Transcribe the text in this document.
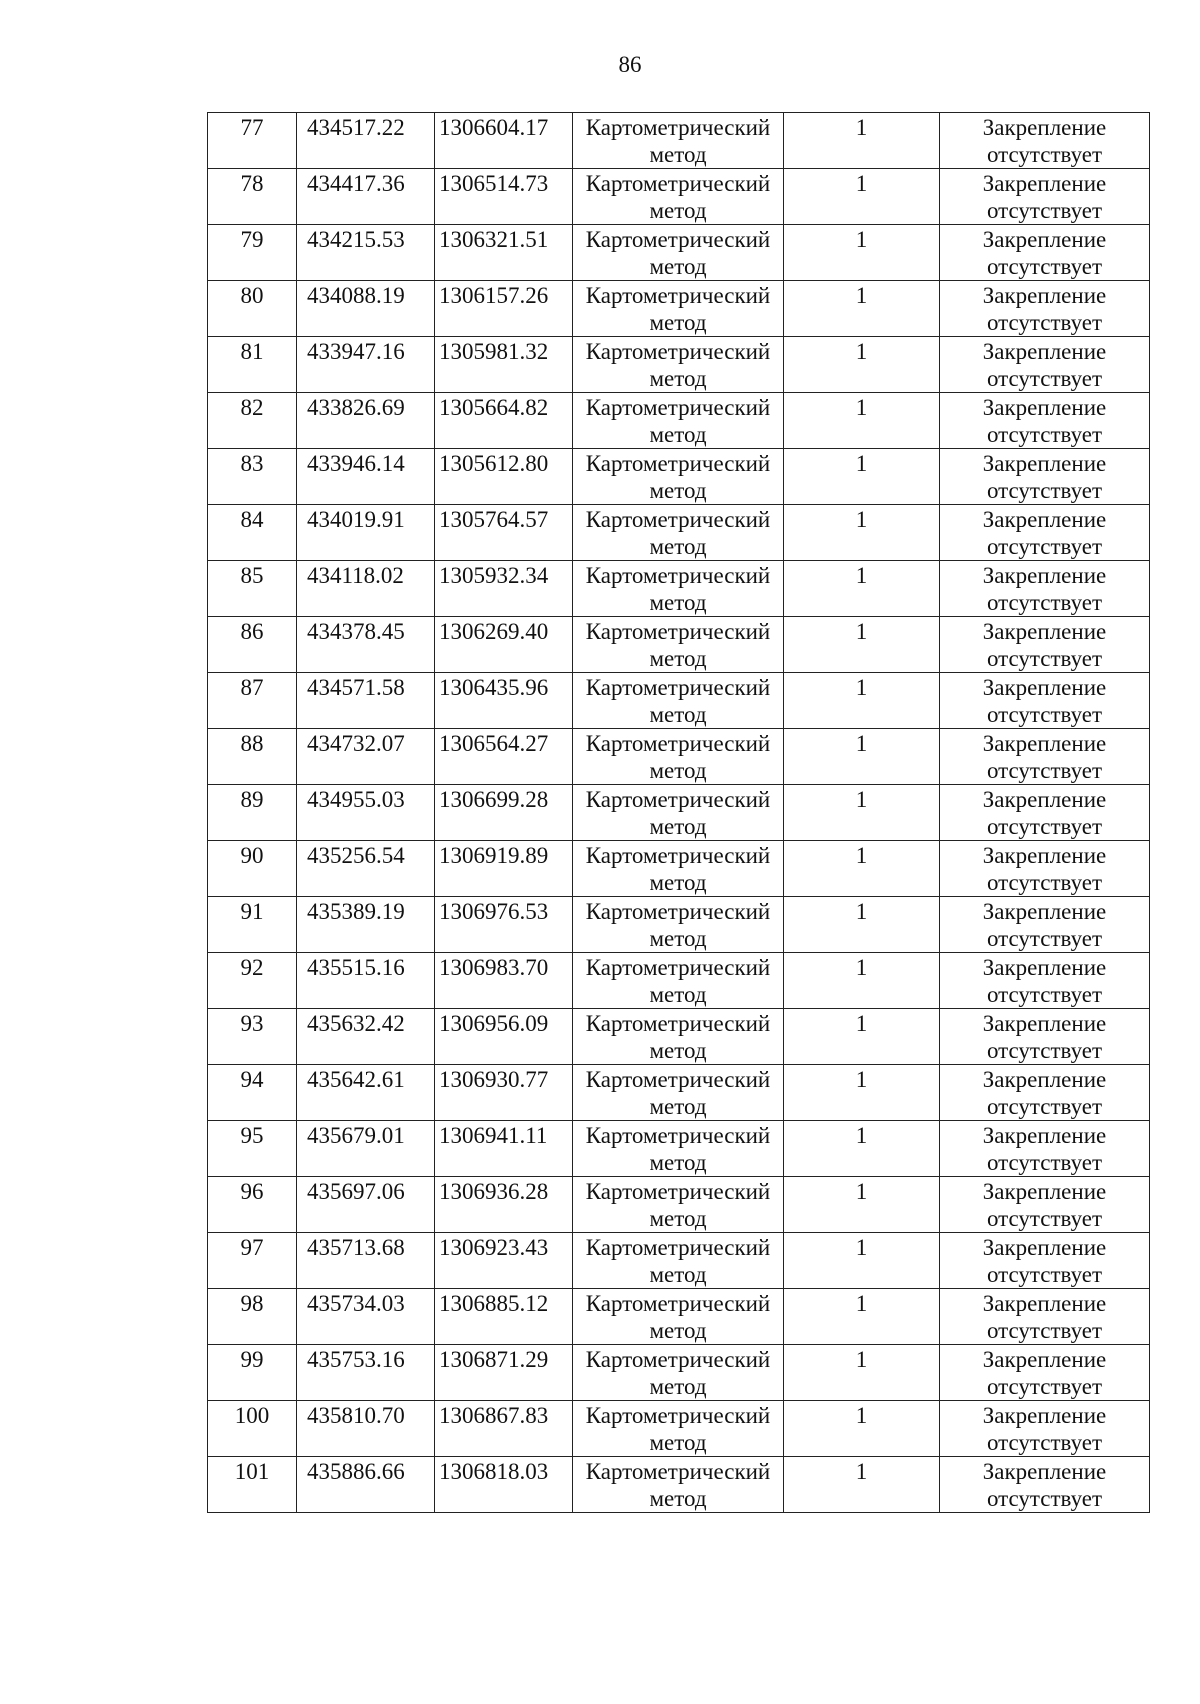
86
77	434517.22	1306604.17	Картометрический метод	1	Закрепление отсутствует

78	434417.36	1306514.73	Картометрический метод	1	Закрепление отсутствует

79	434215.53	1306321.51	Картометрический метод	1	Закрепление отсутствует

80	434088.19	1306157.26	Картометрический метод	1	Закрепление отсутствует

81	433947.16	1305981.32	Картометрический метод	1	Закрепление отсутствует

82	433826.69	1305664.82	Картометрический метод	1	Закрепление отсутствует

83	433946.14	1305612.80	Картометрический метод	1	Закрепление отсутствует

84	434019.91	1305764.57	Картометрический метод	1	Закрепление отсутствует

85	434118.02	1305932.34	Картометрический метод	1	Закрепление отсутствует

86	434378.45	1306269.40	Картометрический метод	1	Закрепление отсутствует

87	434571.58	1306435.96	Картометрический метод	1	Закрепление отсутствует

88	434732.07	1306564.27	Картометрический метод	1	Закрепление отсутствует

89	434955.03	1306699.28	Картометрический метод	1	Закрепление отсутствует

90	435256.54	1306919.89	Картометрический метод	1	Закрепление отсутствует

91	435389.19	1306976.53	Картометрический метод	1	Закрепление отсутствует

92	435515.16	1306983.70	Картометрический метод	1	Закрепление отсутствует

93	435632.42	1306956.09	Картометрический метод	1	Закрепление отсутствует

94	435642.61	1306930.77	Картометрический метод	1	Закрепление отсутствует

95	435679.01	1306941.11	Картометрический метод	1	Закрепление отсутствует

96	435697.06	1306936.28	Картометрический метод	1	Закрепление отсутствует

97	435713.68	1306923.43	Картометрический метод	1	Закрепление отсутствует

98	435734.03	1306885.12	Картометрический метод	1	Закрепление отсутствует

99	435753.16	1306871.29	Картометрический метод	1	Закрепление отсутствует

100	435810.70	1306867.83	Картометрический метод	1	Закрепление отсутствует

101	435886.66	1306818.03	Картометрический метод	1	Закрепление отсутствует
